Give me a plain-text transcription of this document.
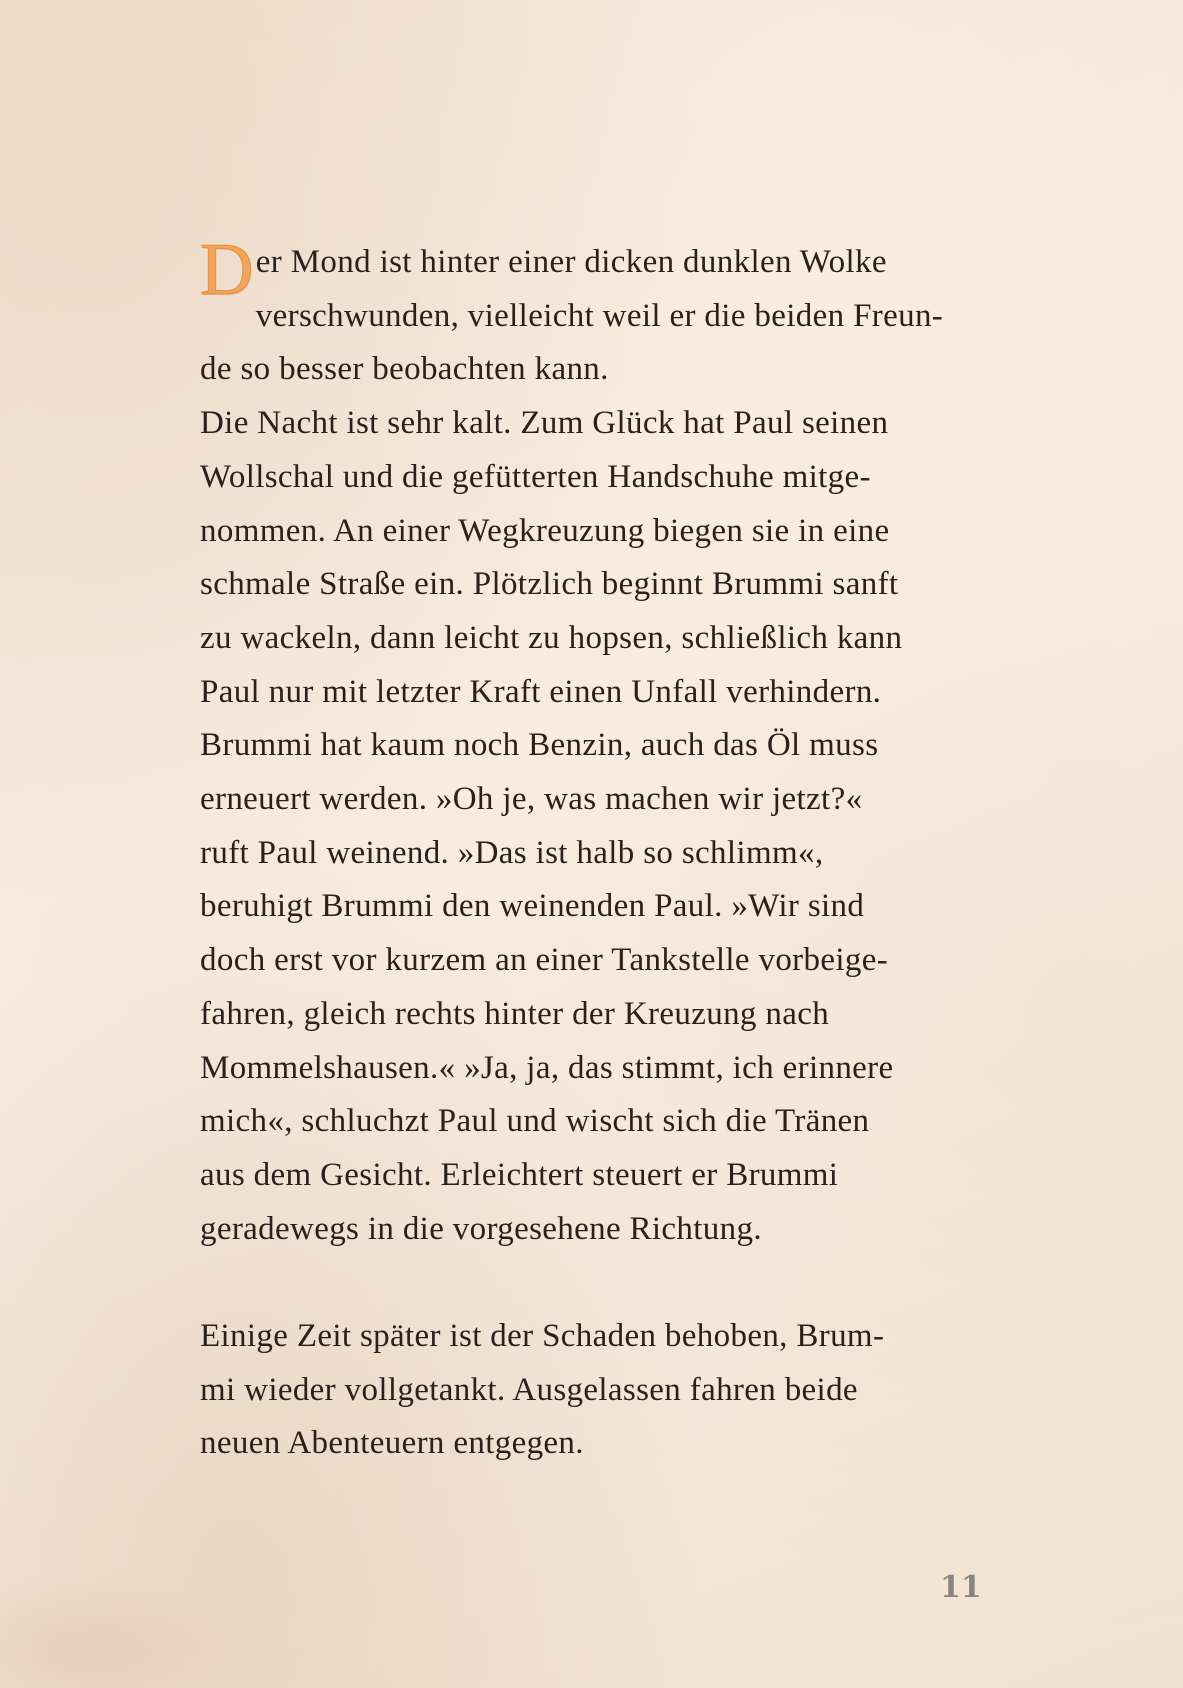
Der Mond ist hinter einer dicken dunklen Wolke
verschwunden, vielleicht weil er die beiden Freun-
de so besser beobachten kann.

Die Nacht ist sehr kalt. Zum Glück hat Paul seinen
Wollschal und die gefütterten Handschuhe mitge-
nommen. An einer Wegkreuzung biegen sie in eine
schmale Straße ein. Plötzlich beginnt Brummi sanft
zu wackeln, dann leicht zu hopsen, schließlich kann
Paul nur mit letzter Kraft einen Unfall verhindern.
Brummi hat kaum noch Benzin, auch das Öl muss
erneuert werden. »Oh je, was machen wir jetzt?«
ruft Paul weinend. »Das ist halb so schlimm«,
beruhigt Brummi den weinenden Paul. »Wir sind
doch erst vor kurzem an einer Tankstelle vorbeige-
fahren, gleich rechts hinter der Kreuzung nach
Mommelshausen.« »Ja, ja, das stimmt, ich erinnere
mich«, schluchzt Paul und wischt sich die Tränen
aus dem Gesicht. Erleichtert steuert er Brummi
geradewegs in die vorgesehene Richtung.

Einige Zeit später ist der Schaden behoben, Brum-
mi wieder vollgetankt. Ausgelassen fahren beide
neuen Abenteuern entgegen.

11
